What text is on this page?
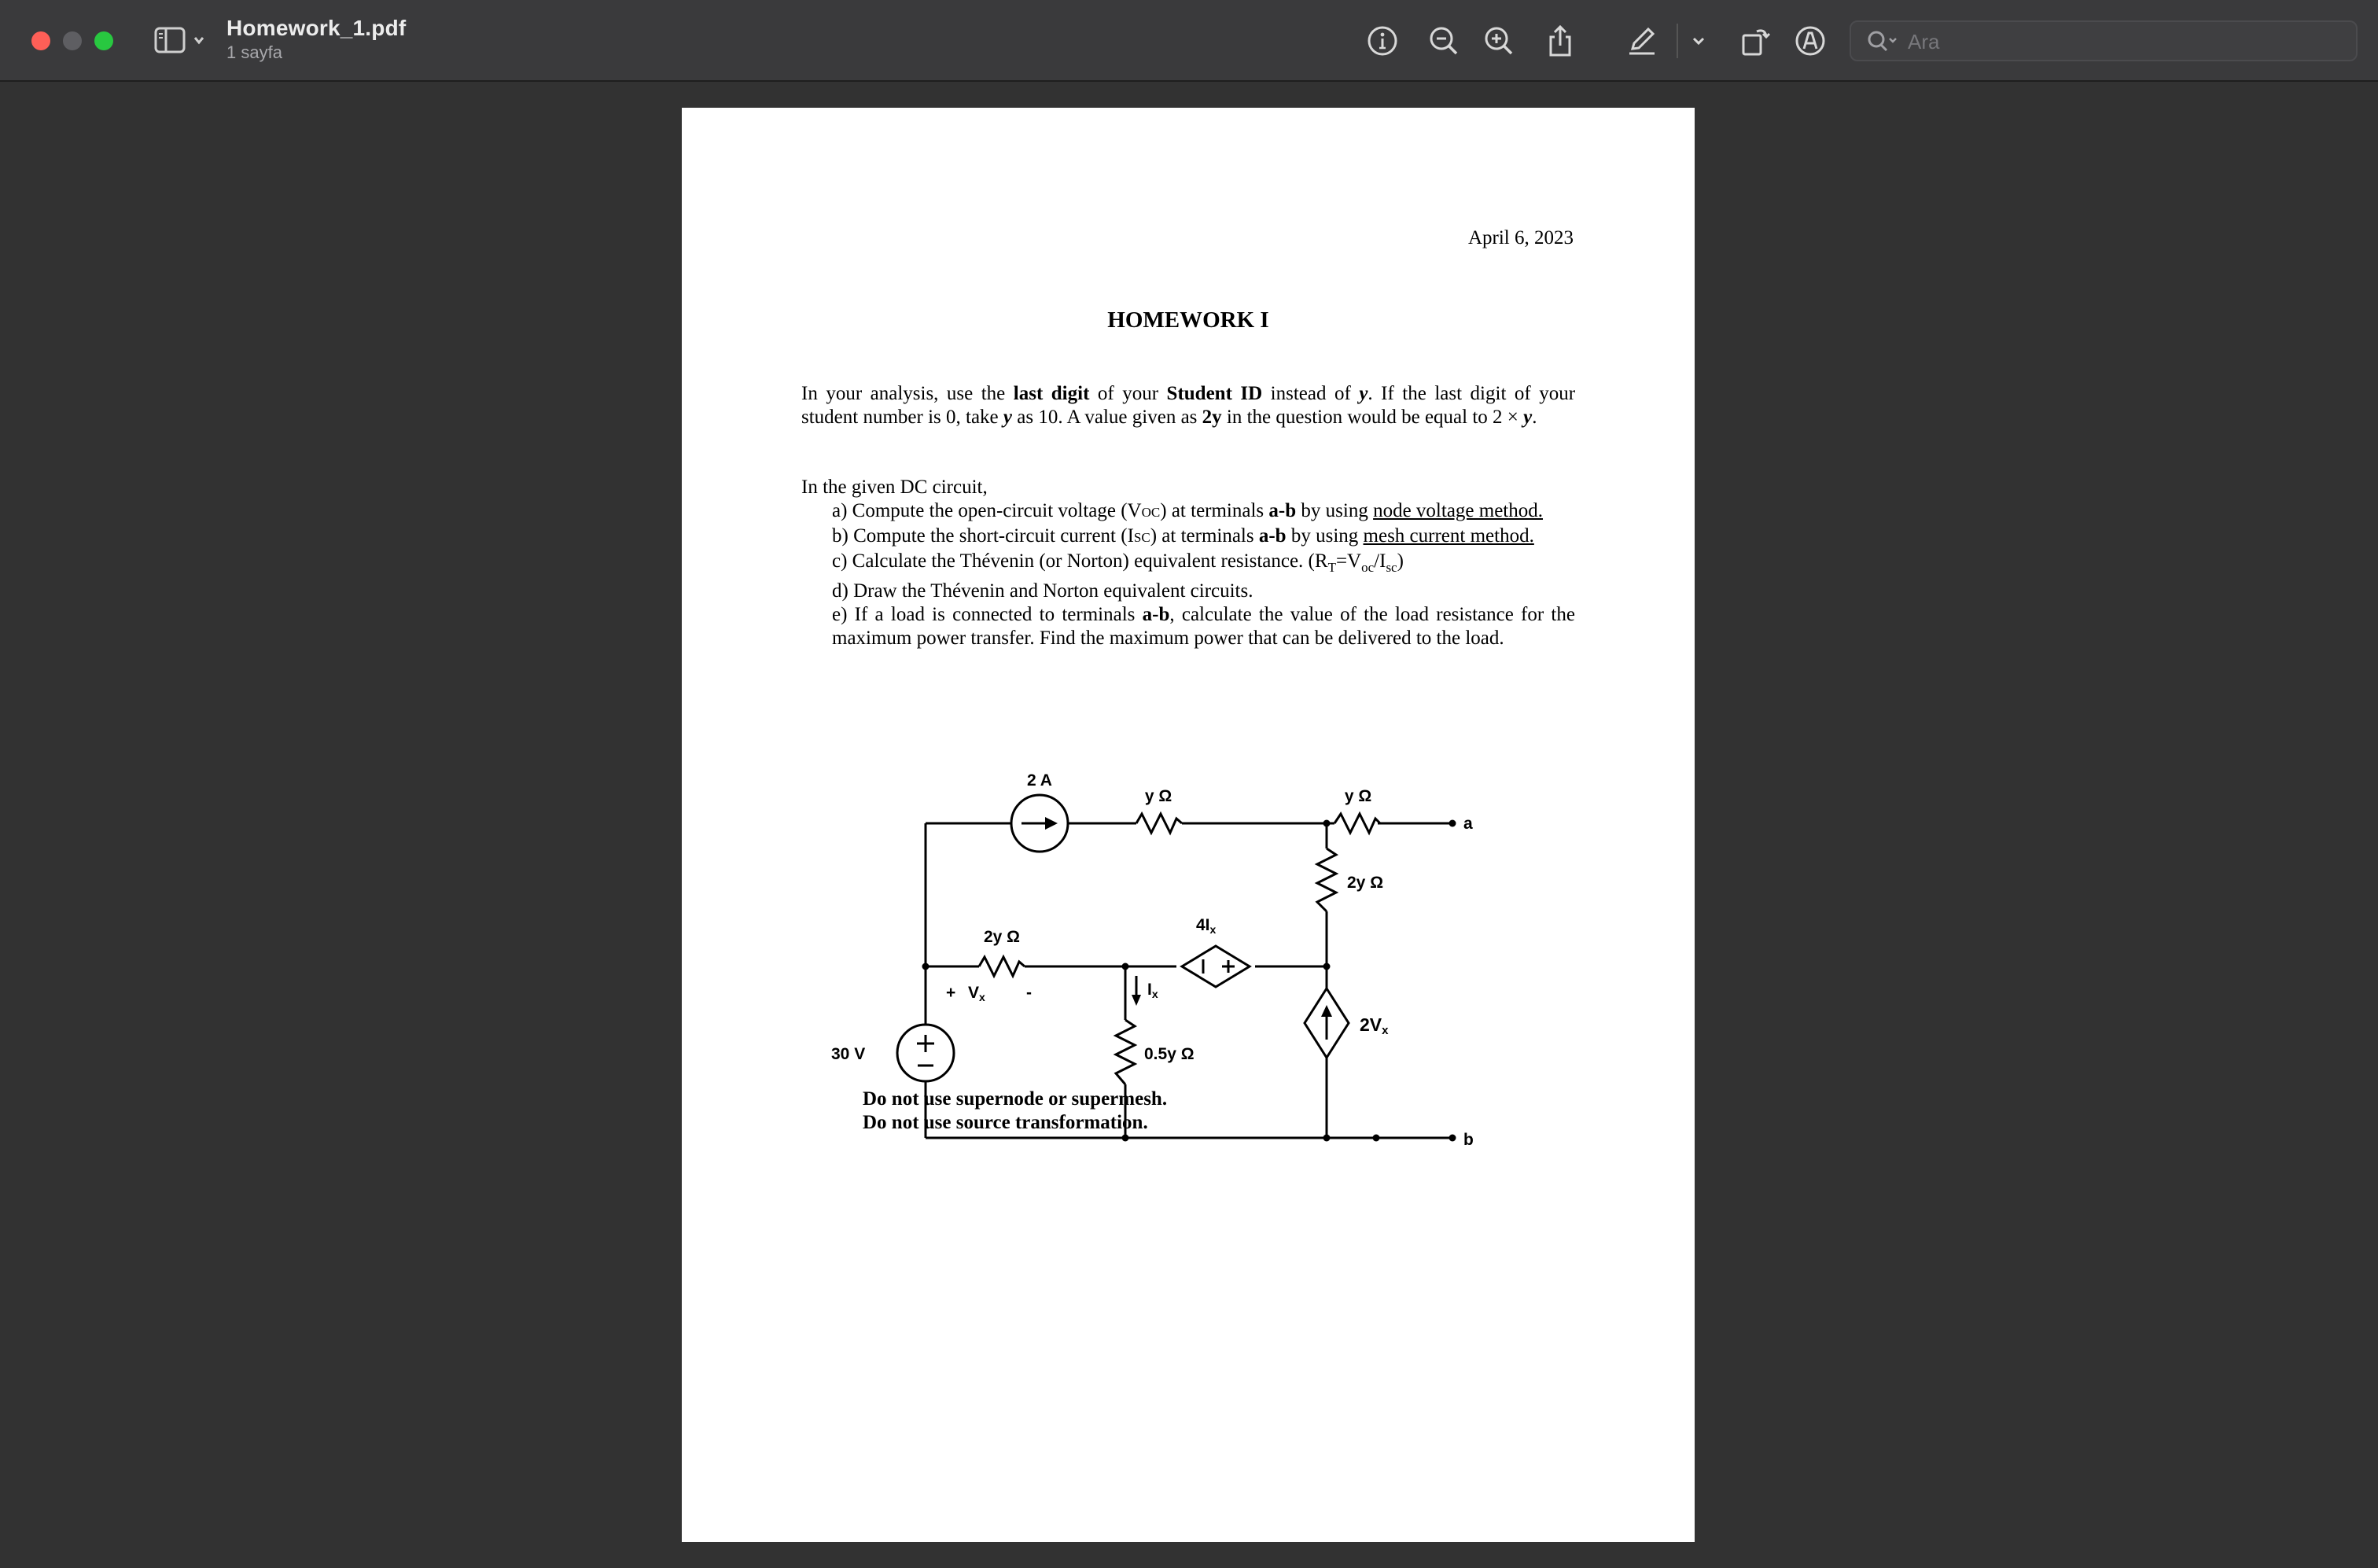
Homework_1.pdf
1 sayfa
Ara
April 6, 2023
HOMEWORK I
In your analysis, use the last digit of your Student ID instead of y. If the last digit of your
student number is 0, take y as 10. A value given as 2y in the question would be equal to 2 × y.
In the given DC circuit,
a) Compute the open-circuit voltage (VOC) at terminals a-b by using node voltage method.
b) Compute the short-circuit current (ISC) at terminals a-b by using mesh current method.
c) Calculate the Thévenin (or Norton) equivalent resistance. $(R_T=V_{oc}/I_{sc})$
d) Draw the Thévenin and Norton equivalent circuits.
e) If a load is connected to terminals a-b, calculate the value of the load resistance for the
maximum power transfer. Find the maximum power that can be delivered to the load.
2 A
y Ω	y Ω
a
b
2y Ω
2y Ω
+ Vx -
4Ix
Ix
0.5y Ω
30 V
2Vx
Do not use supernode or supermesh.
Do not use source transformation.
